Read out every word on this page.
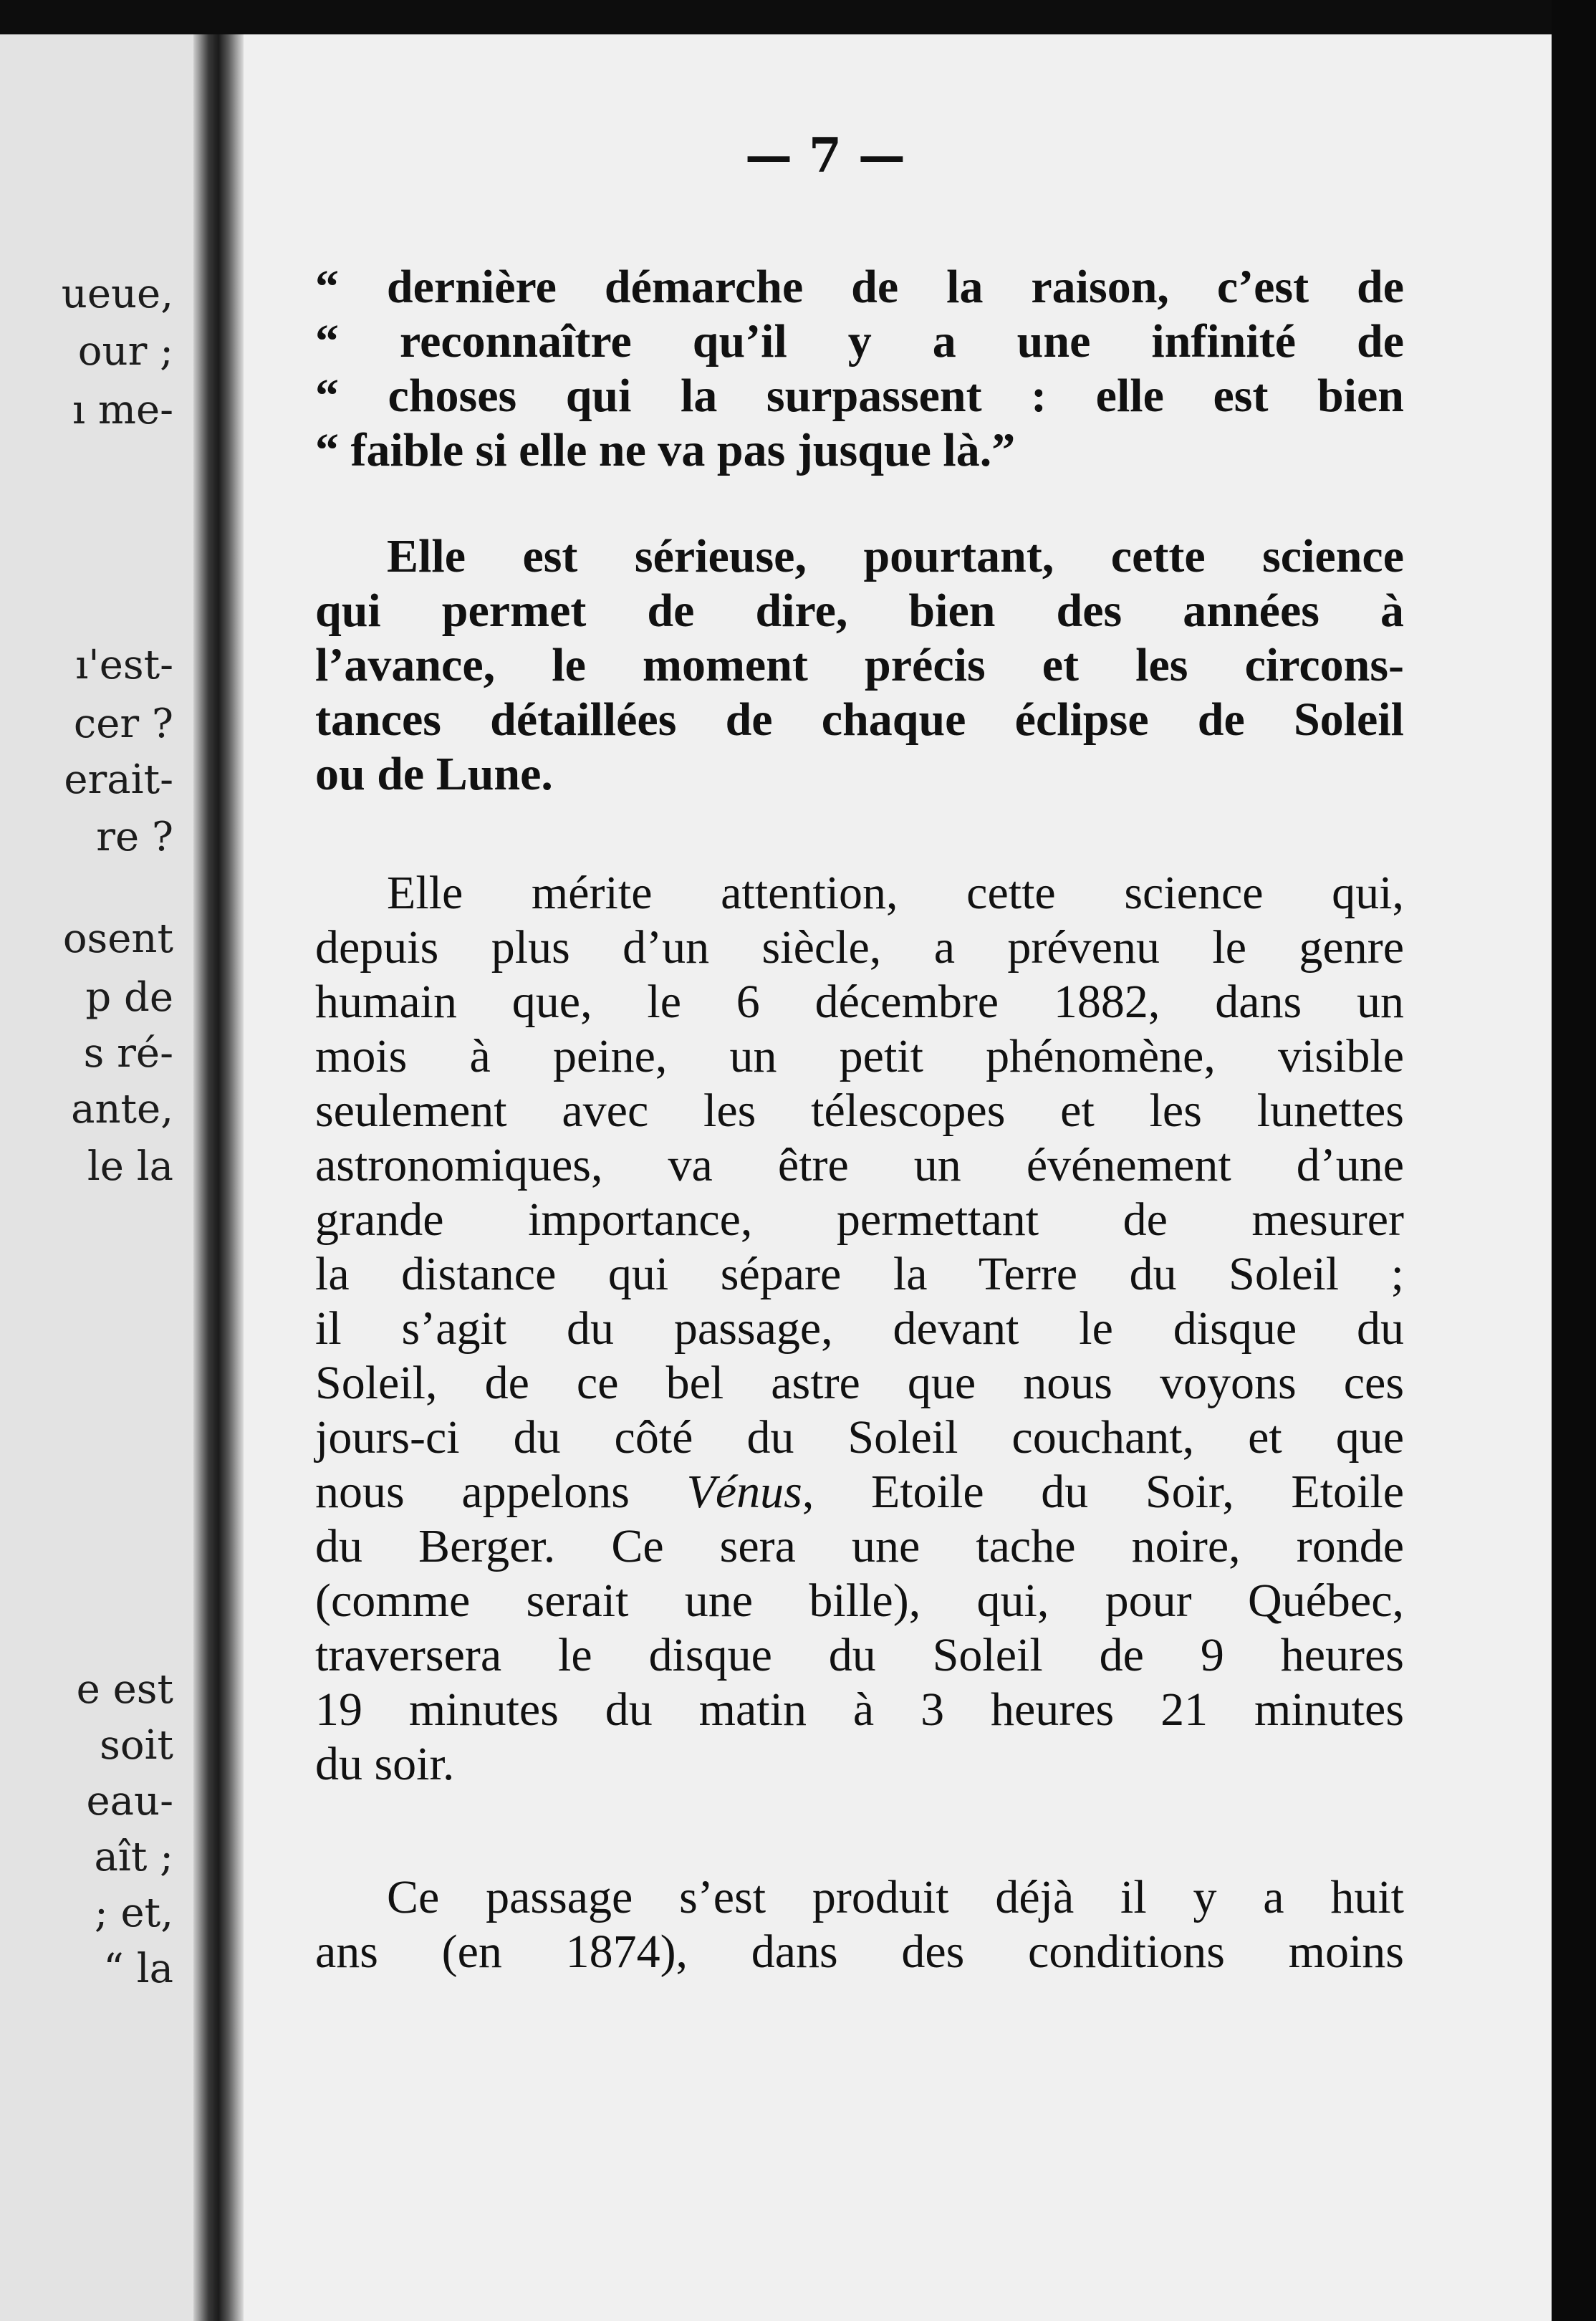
ueue,
our ;
ı me-
ı'est-
cer ?
erait-
re ?
osent
p de
s ré-
ante,
le la
e est
soit
eau-
aît ;
; et,
“ la
— 7 —
“ dernière démarche de la raison, c’est de
“ reconnaître qu’il y a une infinité de
“ choses qui la surpassent : elle est bien
“ faible si elle ne va pas jusque là.”
Elle est sérieuse, pourtant, cette science
qui permet de dire, bien des années à
l’avance, le moment précis et les circons-
tances détaillées de chaque éclipse de Soleil
ou de Lune.
Elle mérite attention, cette science qui,
depuis plus d’un siècle, a prévenu le genre
humain que, le 6 décembre 1882, dans un
mois à peine, un petit phénomène, visible
seulement avec les télescopes et les lunettes
astronomiques, va être un événement d’une
grande importance, permettant de mesurer
la distance qui sépare la Terre du Soleil ;
il s’agit du passage, devant le disque du
Soleil, de ce bel astre que nous voyons ces
jours-ci du côté du Soleil couchant, et que
nous appelons Vénus, Etoile du Soir, Etoile
du Berger. Ce sera une tache noire, ronde
(comme serait une bille), qui, pour Québec,
traversera le disque du Soleil de 9 heures
19 minutes du matin à 3 heures 21 minutes
du soir.
Ce passage s’est produit déjà il y a huit
ans (en 1874), dans des conditions moins
